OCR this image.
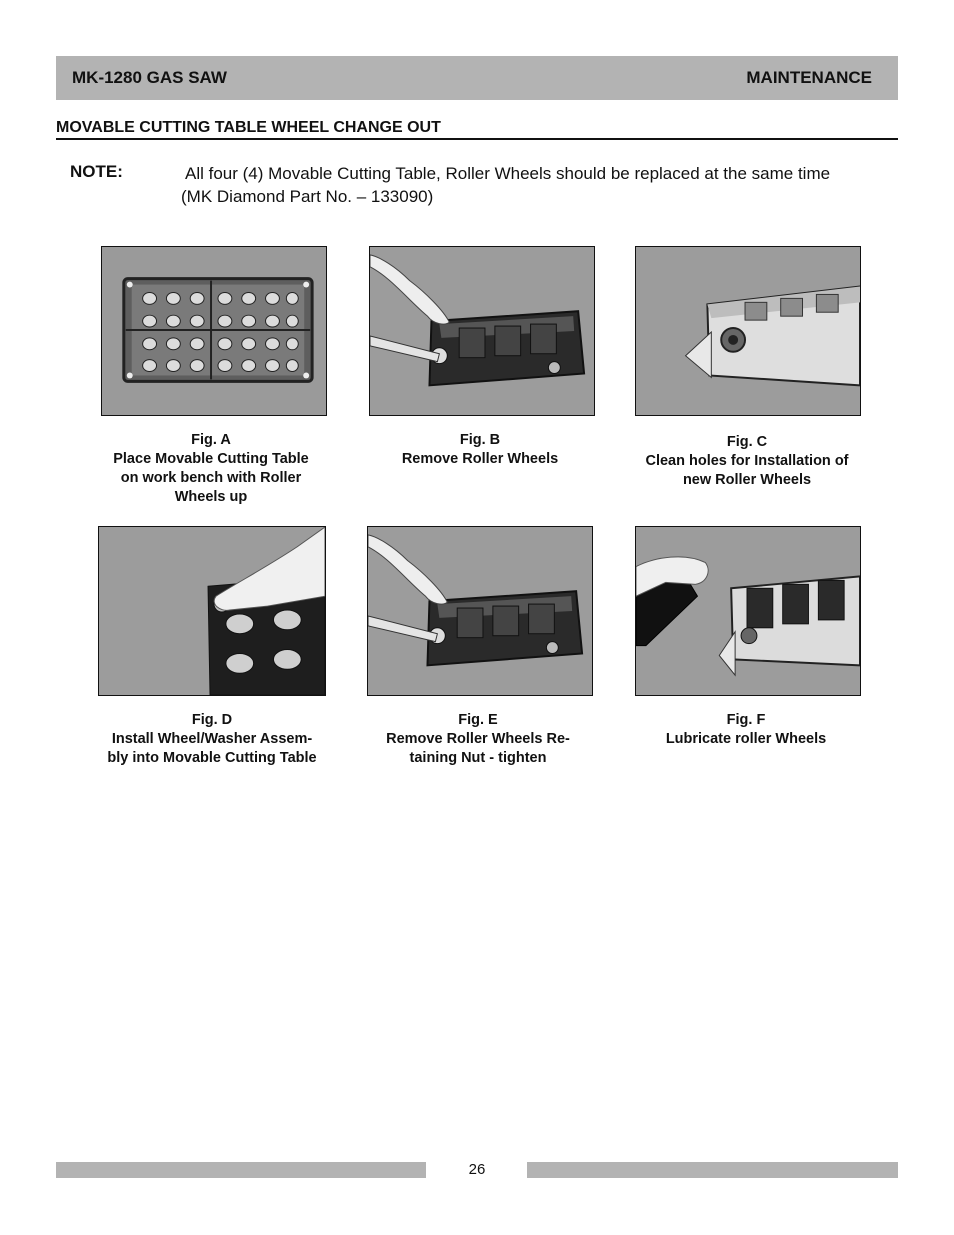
MK-1280 GAS SAW	MAINTENANCE
MOVABLE CUTTING TABLE WHEEL CHANGE OUT
NOTE:	All four (4) Movable Cutting Table, Roller Wheels should be replaced at the same time
(MK Diamond Part No. – 133090)
Fig. A
Place Movable Cutting Table
on work bench with Roller
Wheels up
Fig. B
Remove Roller Wheels
Fig. C
Clean holes for Installation of
new Roller Wheels
Fig. D
Install Wheel/Washer Assem-
bly into Movable Cutting Table
Fig. E
Remove Roller Wheels Re-
taining Nut - tighten
Fig. F
Lubricate roller Wheels
26
